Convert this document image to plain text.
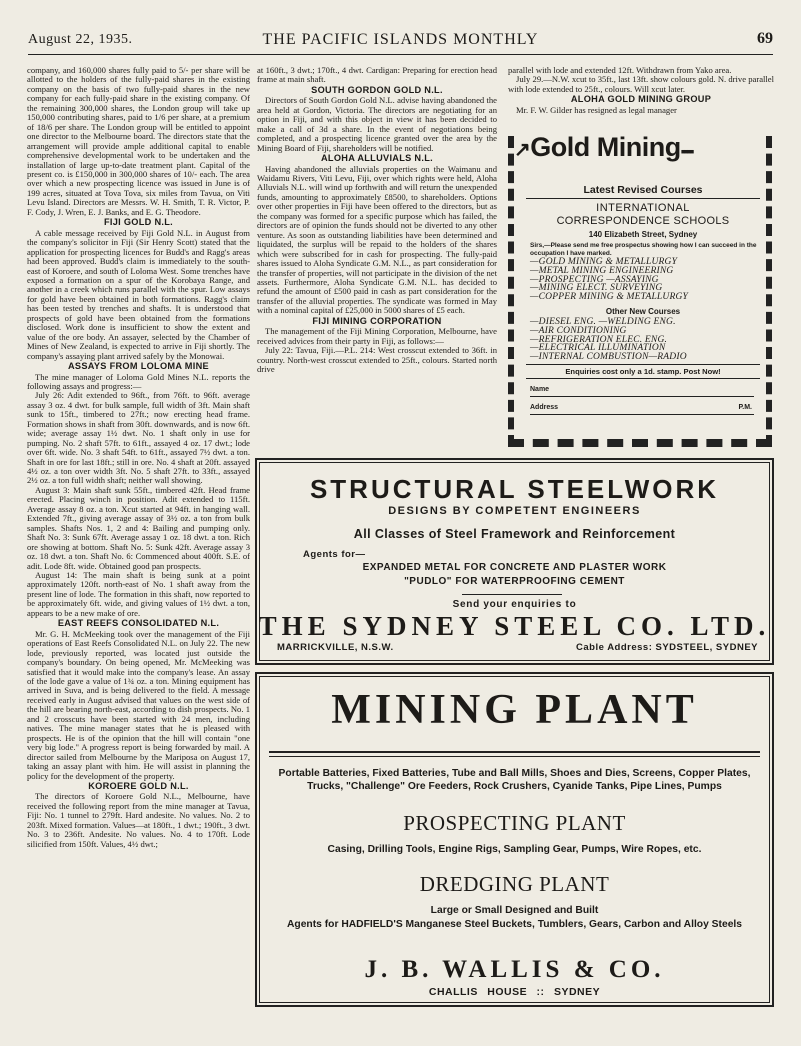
August 22, 1935.	THE PACIFIC ISLANDS MONTHLY	69

company, and 160,000 shares fully paid to 5/- per share will be allotted to the holders of the fully-paid shares in the existing company on the basis of two fully-paid shares in the new company for each fully-paid share in the existing company. Of the remaining 300,000 shares, the London group will take up 150,000 contributing shares, paid to 1/6 per share, at a premium of 18/6 per share. The London group will be entitled to appoint one director to the Melbourne board. The directors state that the arrangement will provide ample additional capital to enable comprehensive developmental work to be undertaken and the installation of large up-to-date treatment plant. Capital of the present co. is £150,000 in 300,000 shares of 10/- each. The area over which a new prospecting licence was issued in June is of 199 acres, situated at Tova Tova, six miles from Tavua, on Viti Levu Island. Directors are Messrs. W. H. Smith, T. R. Victor, P. F. Cody, J. Wren, E. J. Banks, and E. G. Theodore.

FIJI GOLD N.L.

A cable message received by Fiji Gold N.L. in August from the company's solicitor in Fiji (Sir Henry Scott) stated that the application for prospecting licences for Budd's and Ragg's areas had been approved. Budd's claim is immediately to the south-east of Koroere, and south of Loloma West. Some trenches have exposed a formation on a spur of the Korobaya Range, and another in a creek which runs parallel with the spur. Low assays for gold have been obtained in both formations. Ragg's claim has been tested by trenches and shafts. It is understood that prospects of gold have been obtained from the formations disclosed. Work done is insufficient to show the extent and value of the ore body. An assayer, selected by the Chamber of Mines of New Zealand, is expected to arrive in Fiji shortly. The company's assaying plant arrived safely by the Monowai.

ASSAYS FROM LOLOMA MINE

The mine manager of Loloma Gold Mines N.L. reports the following assays and progress:—

July 26: Adit extended to 96ft., from 76ft. to 96ft. average assay 3 oz. 4 dwt. for bulk sample, full width of 3ft. Main shaft sunk to 15ft., timbered to 27ft.; now erecting head frame. Formation shows in shaft from 30ft. downwards, and is now 6ft. wide; average assay 1½ dwt. No. 1 shaft only in use for pumping. No. 2 shaft 57ft. to 61ft., assayed 4 oz. 17 dwt.; lode over 6ft. wide. No. 3 shaft 54ft. to 61ft., assayed 7½ dwt. a ton. Shaft in ore for last 18ft.; still in ore. No. 4 shaft at 20ft. assayed 4½ oz. a ton over width 3ft. No. 5 shaft 27ft. to 33ft., assayed 2½ oz. a ton full width shaft; neither wall showing.

August 3: Main shaft sunk 55ft., timbered 42ft. Head frame erected. Placing winch in position. Adit extended to 115ft. Average assay 8 oz. a ton. Xcut started at 94ft. in hanging wall. Extended 7ft., giving average assay of 3½ oz. a ton from bulk samples. Shafts Nos. 1, 2 and 4: Bailing and pumping only. Shaft No. 3: Sunk 67ft. Average assay 1 oz. 18 dwt. a ton. Rich ore showing at bottom. Shaft No. 5: Sunk 42ft. Average assay 3 oz. 18 dwt. a ton. Shaft No. 6: Commenced about 400ft. S.E. of adit. Lode 8ft. wide. Obtained good pan prospects.

August 14: The main shaft is being sunk at a point approximately 120ft. north-east of No. 1 shaft away from the present line of lode. The formation in this shaft, now reported to be approximately 6ft. wide, and giving values of 1½ dwt. a ton, appears to be a new make of ore.

EAST REEFS CONSOLIDATED N.L.

Mr. G. H. McMeeking took over the management of the Fiji operations of East Reefs Consolidated N.L. on July 22. The new lode, previously reported, was located just outside the company's boundary. On being opened, Mr. McMeeking was satisfied that it would make into the company's lease. An assay of the lode gave a value of 1¾ oz. a ton. Mining equipment has arrived in Suva, and is being delivered to the field. A message received early in August advised that values on the west side of the hill are bearing north-east, according to dish prospects. No. 1 and 2 crosscuts have been started with 24 men, including natives. The mine manager states that he is pleased with prospects. He is of the opinion that the hill will contain "one very big lode." A progress report is being forwarded by mail. A director sailed from Melbourne by the Mariposa on August 17, taking an assay plant with him. He will assist in planning the policy for the development of the property.

KOROERE GOLD N.L.

The directors of Koroere Gold N.L., Melbourne, have received the following report from the mine manager at Tavua, Fiji: No. 1 tunnel to 279ft. Hard andesite. No values. No. 2 to 203ft. Mixed formation. Values—at 180ft., 1 dwt.; 190ft., 3 dwt. No. 3 to 236ft. Andesite. No values. No. 4 to 170ft. Lode silicified from 150ft. Values, 4½ dwt.;

at 160ft., 3 dwt.; 170ft., 4 dwt. Cardigan: Preparing for erection head frame at main shaft.

SOUTH GORDON GOLD N.L.

Directors of South Gordon Gold N.L. advise having abandoned the area held at Gordon, Victoria. The directors are negotiating for an option in Fiji, and with this object in view it has been decided to make a call of 3d a share. In the event of negotiations being completed, and a prospecting licence granted over the area by the Mining Board of Fiji, shareholders will be notified.

ALOHA ALLUVIALS N.L.

Having abandoned the alluvials properties on the Waimanu and Waidamu Rivers, Viti Levu, Fiji, over which rights were held, Aloha Alluvials N.L. will wind up forthwith and will return the unexpended funds, amounting to approximately £8500, to shareholders. Options over other properties in Fiji have been offered to the directors, but as the company was formed for a specific purpose which has failed, the directors are of opinion the funds should not be diverted to any other venture. As soon as outstanding liabilities have been determined and liquidated, the surplus will be repaid to the holders of the shares which were subscribed for in cash for prospecting. The fully-paid shares issued to Aloha Syndicate G.M. N.L., as part consideration for the transfer of properties, will not participate in the division of the net assets. Furthermore, Aloha Syndicate G.M. N.L. has decided to refund the amount of £500 paid in cash as part consideration for the transfer of the alluvial properties. The syndicate was formed in May with a nominal capital of £25,000 in 5000 shares of £5 each.

FIJI MINING CORPORATION

The management of the Fiji Mining Corporation, Melbourne, have received advices from their party in Fiji, as follows:—

July 22: Tavua, Fiji.—P.L. 214: West crosscut extended to 36ft. in country. North-west crosscut extended to 25ft., colours. Started north drive

parallel with lode and extended 12ft. Withdrawn from Yako area.

July 29.—N.W. xcut to 35ft., last 13ft. show colours gold. N. drive parallel with lode extended to 25ft., colours. Will xcut later.

ALOHA GOLD MINING GROUP

Mr. F. W. Gilder has resigned as legal manager

↗Gold Mining▪▪▪▪
Latest Revised Courses
INTERNATIONAL
CORRESPONDENCE SCHOOLS
140 Elizabeth Street, Sydney
Sirs,—Please send me free prospectus showing how I can succeed in the occupation I have marked.
—GOLD MINING & METALLURGY
—METAL MINING ENGINEERING
—PROSPECTING —ASSAYING
—MINING ELECT. SURVEYING
—COPPER MINING & METALLURGY
Other New Courses
—DIESEL ENG. —WELDING ENG.
—AIR CONDITIONING
—REFRIGERATION ELEC. ENG.
—ELECTRICAL ILLUMINATION
—INTERNAL COMBUSTION—RADIO
Enquiries cost only a 1d. stamp. Post Now!
Name
Address	P.M.
STRUCTURAL STEELWORK
DESIGNS BY COMPETENT ENGINEERS
All Classes of Steel Framework and Reinforcement
Agents for—
EXPANDED METAL FOR CONCRETE AND PLASTER WORK
"PUDLO" FOR WATERPROOFING CEMENT
Send your enquiries to
THE SYDNEY STEEL CO. LTD.
MARRICKVILLE, N.S.W.	Cable Address: SYDSTEEL, SYDNEY
MINING PLANT
Portable Batteries, Fixed Batteries, Tube and Ball Mills, Shoes and Dies, Screens, Copper Plates, Trucks, "Challenge" Ore Feeders, Rock Crushers, Cyanide Tanks, Pipe Lines, Pumps
PROSPECTING PLANT
Casing, Drilling Tools, Engine Rigs, Sampling Gear, Pumps, Wire Ropes, etc.
DREDGING PLANT
Large or Small Designed and Built
Agents for HADFIELD'S Manganese Steel Buckets, Tumblers, Gears, Carbon and Alloy Steels
J. B. WALLIS & CO.
CHALLIS HOUSE :: SYDNEY
